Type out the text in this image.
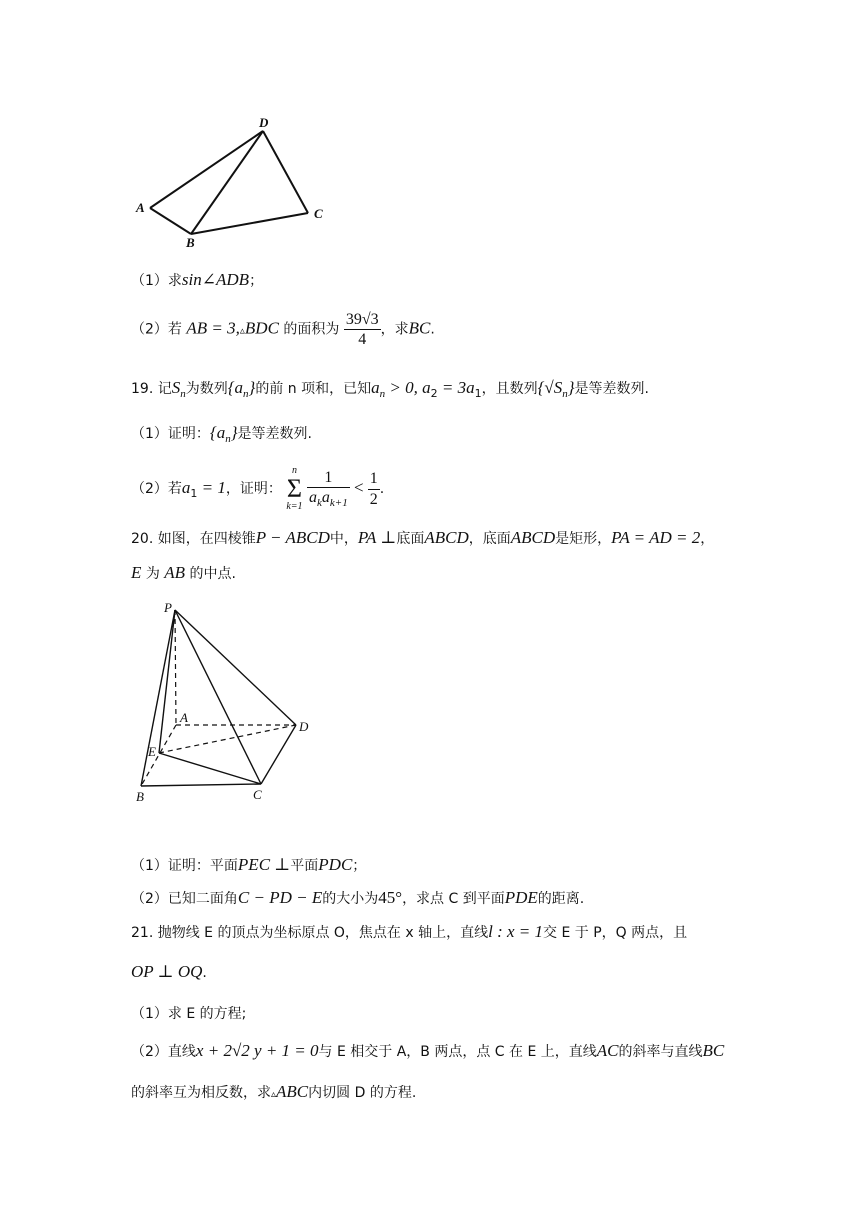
D
A
B
C
（1）求sin∠ADB；
（2）若 AB = 3,▵BDC 的面积为 $\frac{39√3}{4}$ ，求BC.
19. 记$S_n$为数列$\{a_n\}$的前 n 项和，已知$a_n > 0$, $a_2 = 3a_1$，且数列$\{√S_n\}$是等差数列.
（1）证明：$\{a_n\}$是等差数列.
（2）若$a_1 = 1$，证明：
n
Σ
k=1
$\frac{1}{a_ka_{k+1}} < \frac{1}{2}$ .
20. 如图，在四棱锥P − ABCD中，PA ⊥底面ABCD，底面ABCD是矩形，PA = AD = 2，
E 为 AB 的中点.
P
A
D
E
B	C
（1）证明：平面PEC ⊥平面PDC；
（2）已知二面角C − PD − E的大小为45°，求点 C 到平面PDE的距离.
21. 抛物线 E 的顶点为坐标原点 O，焦点在 x 轴上，直线l : x = 1交 E 于 P，Q 两点，且
OP ⊥ OQ.
（1）求 E 的方程;
（2）直线x + 2√2 y + 1 = 0与 E 相交于 A，B 两点，点 C 在 E 上，直线AC的斜率与直线BC
的斜率互为相反数，求▵ABC内切圆 D 的方程.
